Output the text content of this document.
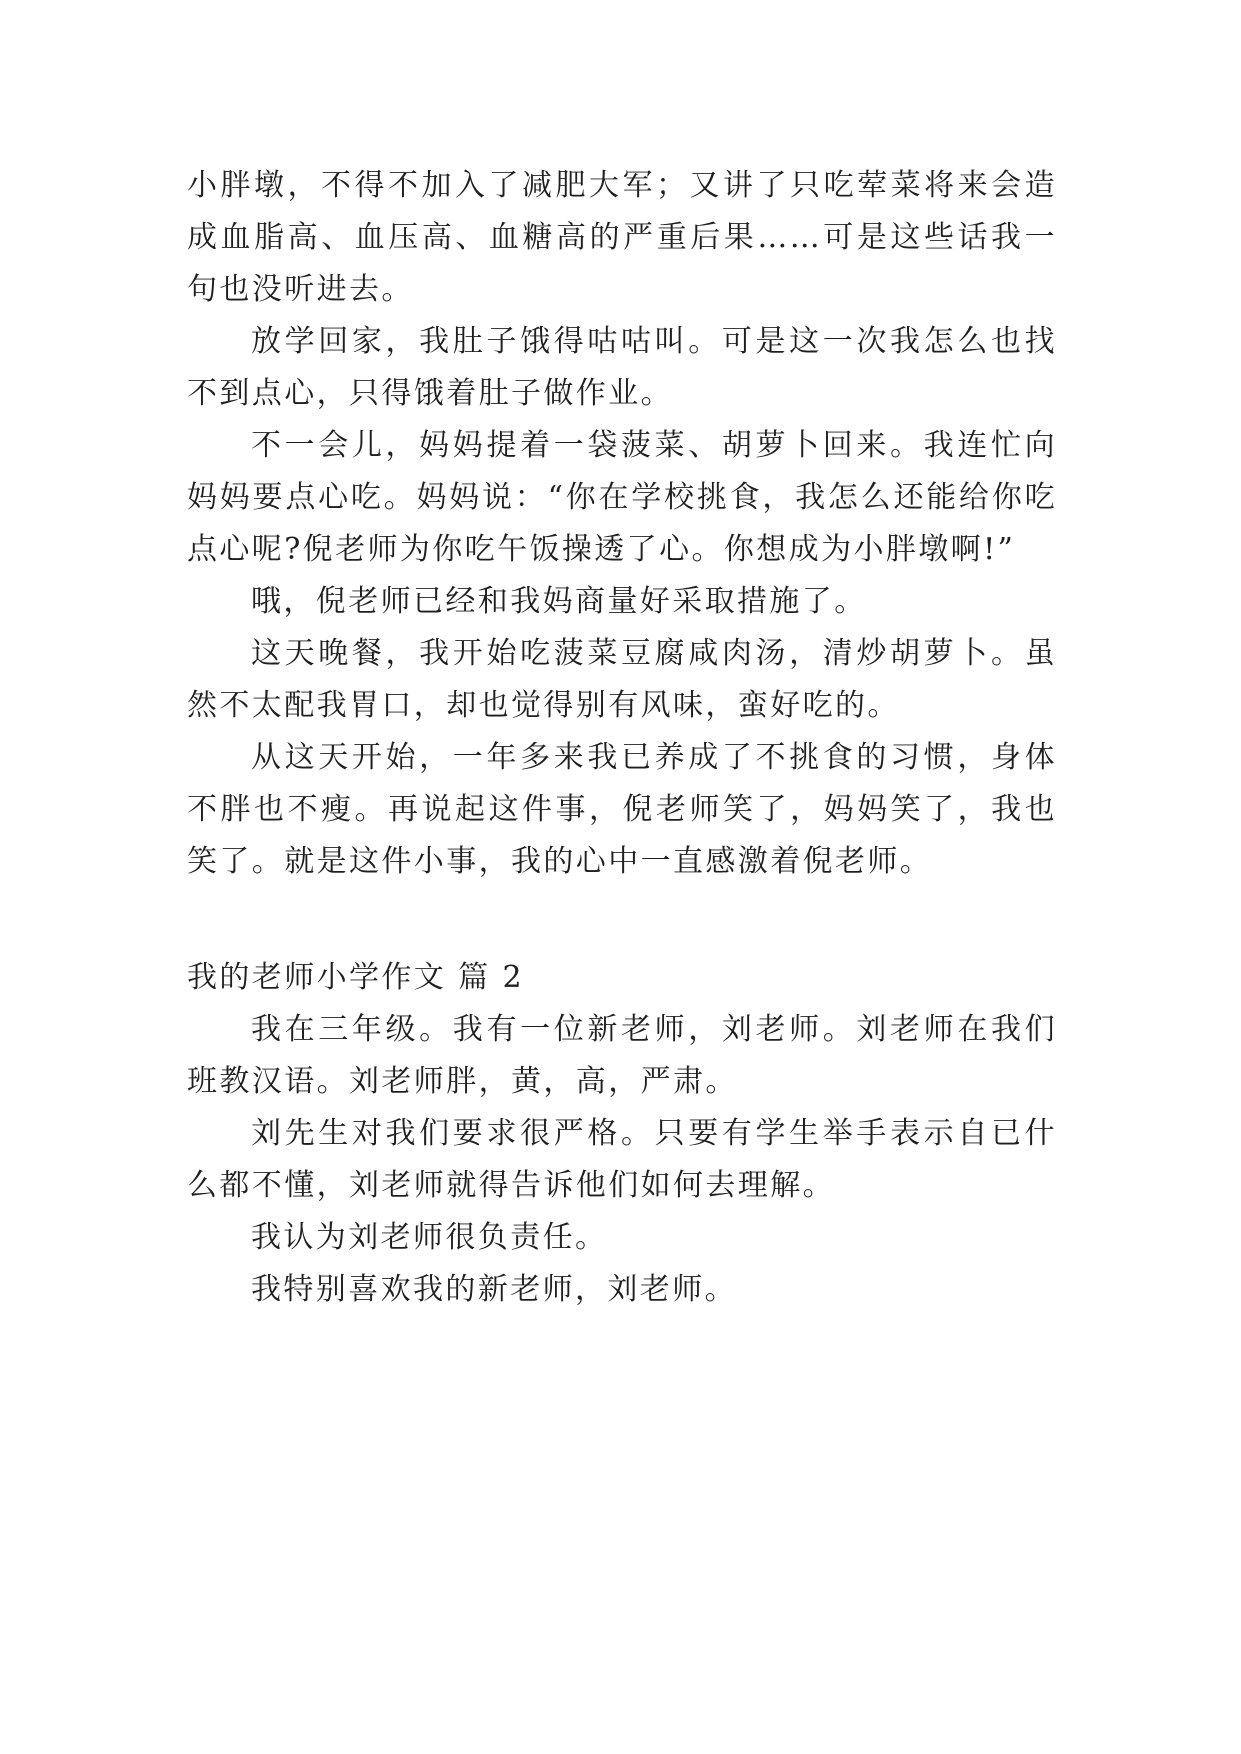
小胖墩，不得不加入了减肥大军；又讲了只吃荤菜将来会造成血脂高、血压高、血糖高的严重后果……可是这些话我一句也没听进去。

放学回家，我肚子饿得咕咕叫。可是这一次我怎么也找不到点心，只得饿着肚子做作业。

不一会儿，妈妈提着一袋菠菜、胡萝卜回来。我连忙向妈妈要点心吃。妈妈说：“你在学校挑食，我怎么还能给你吃点心呢?倪老师为你吃午饭操透了心。你想成为小胖墩啊!”

哦，倪老师已经和我妈商量好采取措施了。

这天晚餐，我开始吃菠菜豆腐咸肉汤，清炒胡萝卜。虽然不太配我胃口，却也觉得别有风味，蛮好吃的。

从这天开始，一年多来我已养成了不挑食的习惯，身体不胖也不瘦。再说起这件事，倪老师笑了，妈妈笑了，我也笑了。就是这件小事，我的心中一直感激着倪老师。

我的老师小学作文 篇 2

我在三年级。我有一位新老师，刘老师。刘老师在我们班教汉语。刘老师胖，黄，高，严肃。

刘先生对我们要求很严格。只要有学生举手表示自已什么都不懂，刘老师就得告诉他们如何去理解。

我认为刘老师很负责任。

我特别喜欢我的新老师，刘老师。
